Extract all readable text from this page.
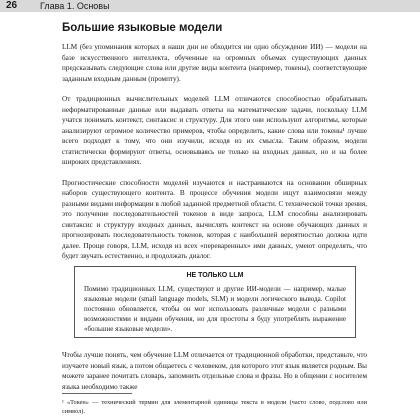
26	Глава 1. Основы
Большие языковые модели

LLM (без упоминания которых в наши дни не обходится ни одно обсуждение ИИ) — модели на базе искусственного интеллекта, обученные на огромных объемах существующих данных предсказывать следующие слова или другие виды контента (например, токены), соответствующие заданным входным данным (промпту).

От традиционных вычислительных моделей LLM отличаются способностью обрабатывать неформатированные данные или выдавать ответы на математические задачи, поскольку LLM учатся понимать контекст, синтаксис и структуру. Для этого они используют алгоритмы, которые анализируют огромное количество примеров, чтобы определить, какие слова или токены¹ лучше всего подходят к тому, что они изучили, исходя из их смысла. Таким образом, модели статистически формируют ответы, основываясь не только на входных данных, но и на более широких представлениях.

Прогностические способности моделей изучаются и настраиваются на основании обширных наборов существующего контента. В процессе обучения модели ищут взаимосвязи между разными видами информации в любой заданной предметной области. С технической точки зрения, это получение последовательностей токенов в виде запроса, LLM способны анализировать синтаксис и структуру входных данных, вычислять контекст на основе обучающих данных и прогнозировать последовательность токенов, которая с наибольшей вероятностью должна идти далее. Проще говоря, LLM, исходя из всех «переваренных» ими данных, умеют определять, что будет звучать естественно, и продолжать диалог.

НЕ ТОЛЬКО LLM

Помимо традиционных LLM, существуют и другие ИИ-модели — например, малые языковые модели (small language models, SLM) и модели логического вывода. Copilot постоянно обновляется, чтобы он мог использовать различные модели с разными возможностями и видами обучения, но для простоты я буду употреблять выражение «большие языковые модели».

Чтобы лучше понять, чем обучение LLM отличается от традиционной обработки, представьте, что изучаете новый язык, а потом общаетесь с человеком, для которого этот язык является родным. Вы можете заранее почитать словарь, запомнить отдельные слова и фразы. Но в общении с носителем языка необходимо также

¹ «Токен» — технический термин для элементарной единицы текста в модели (часто слово, подслово или символ).
